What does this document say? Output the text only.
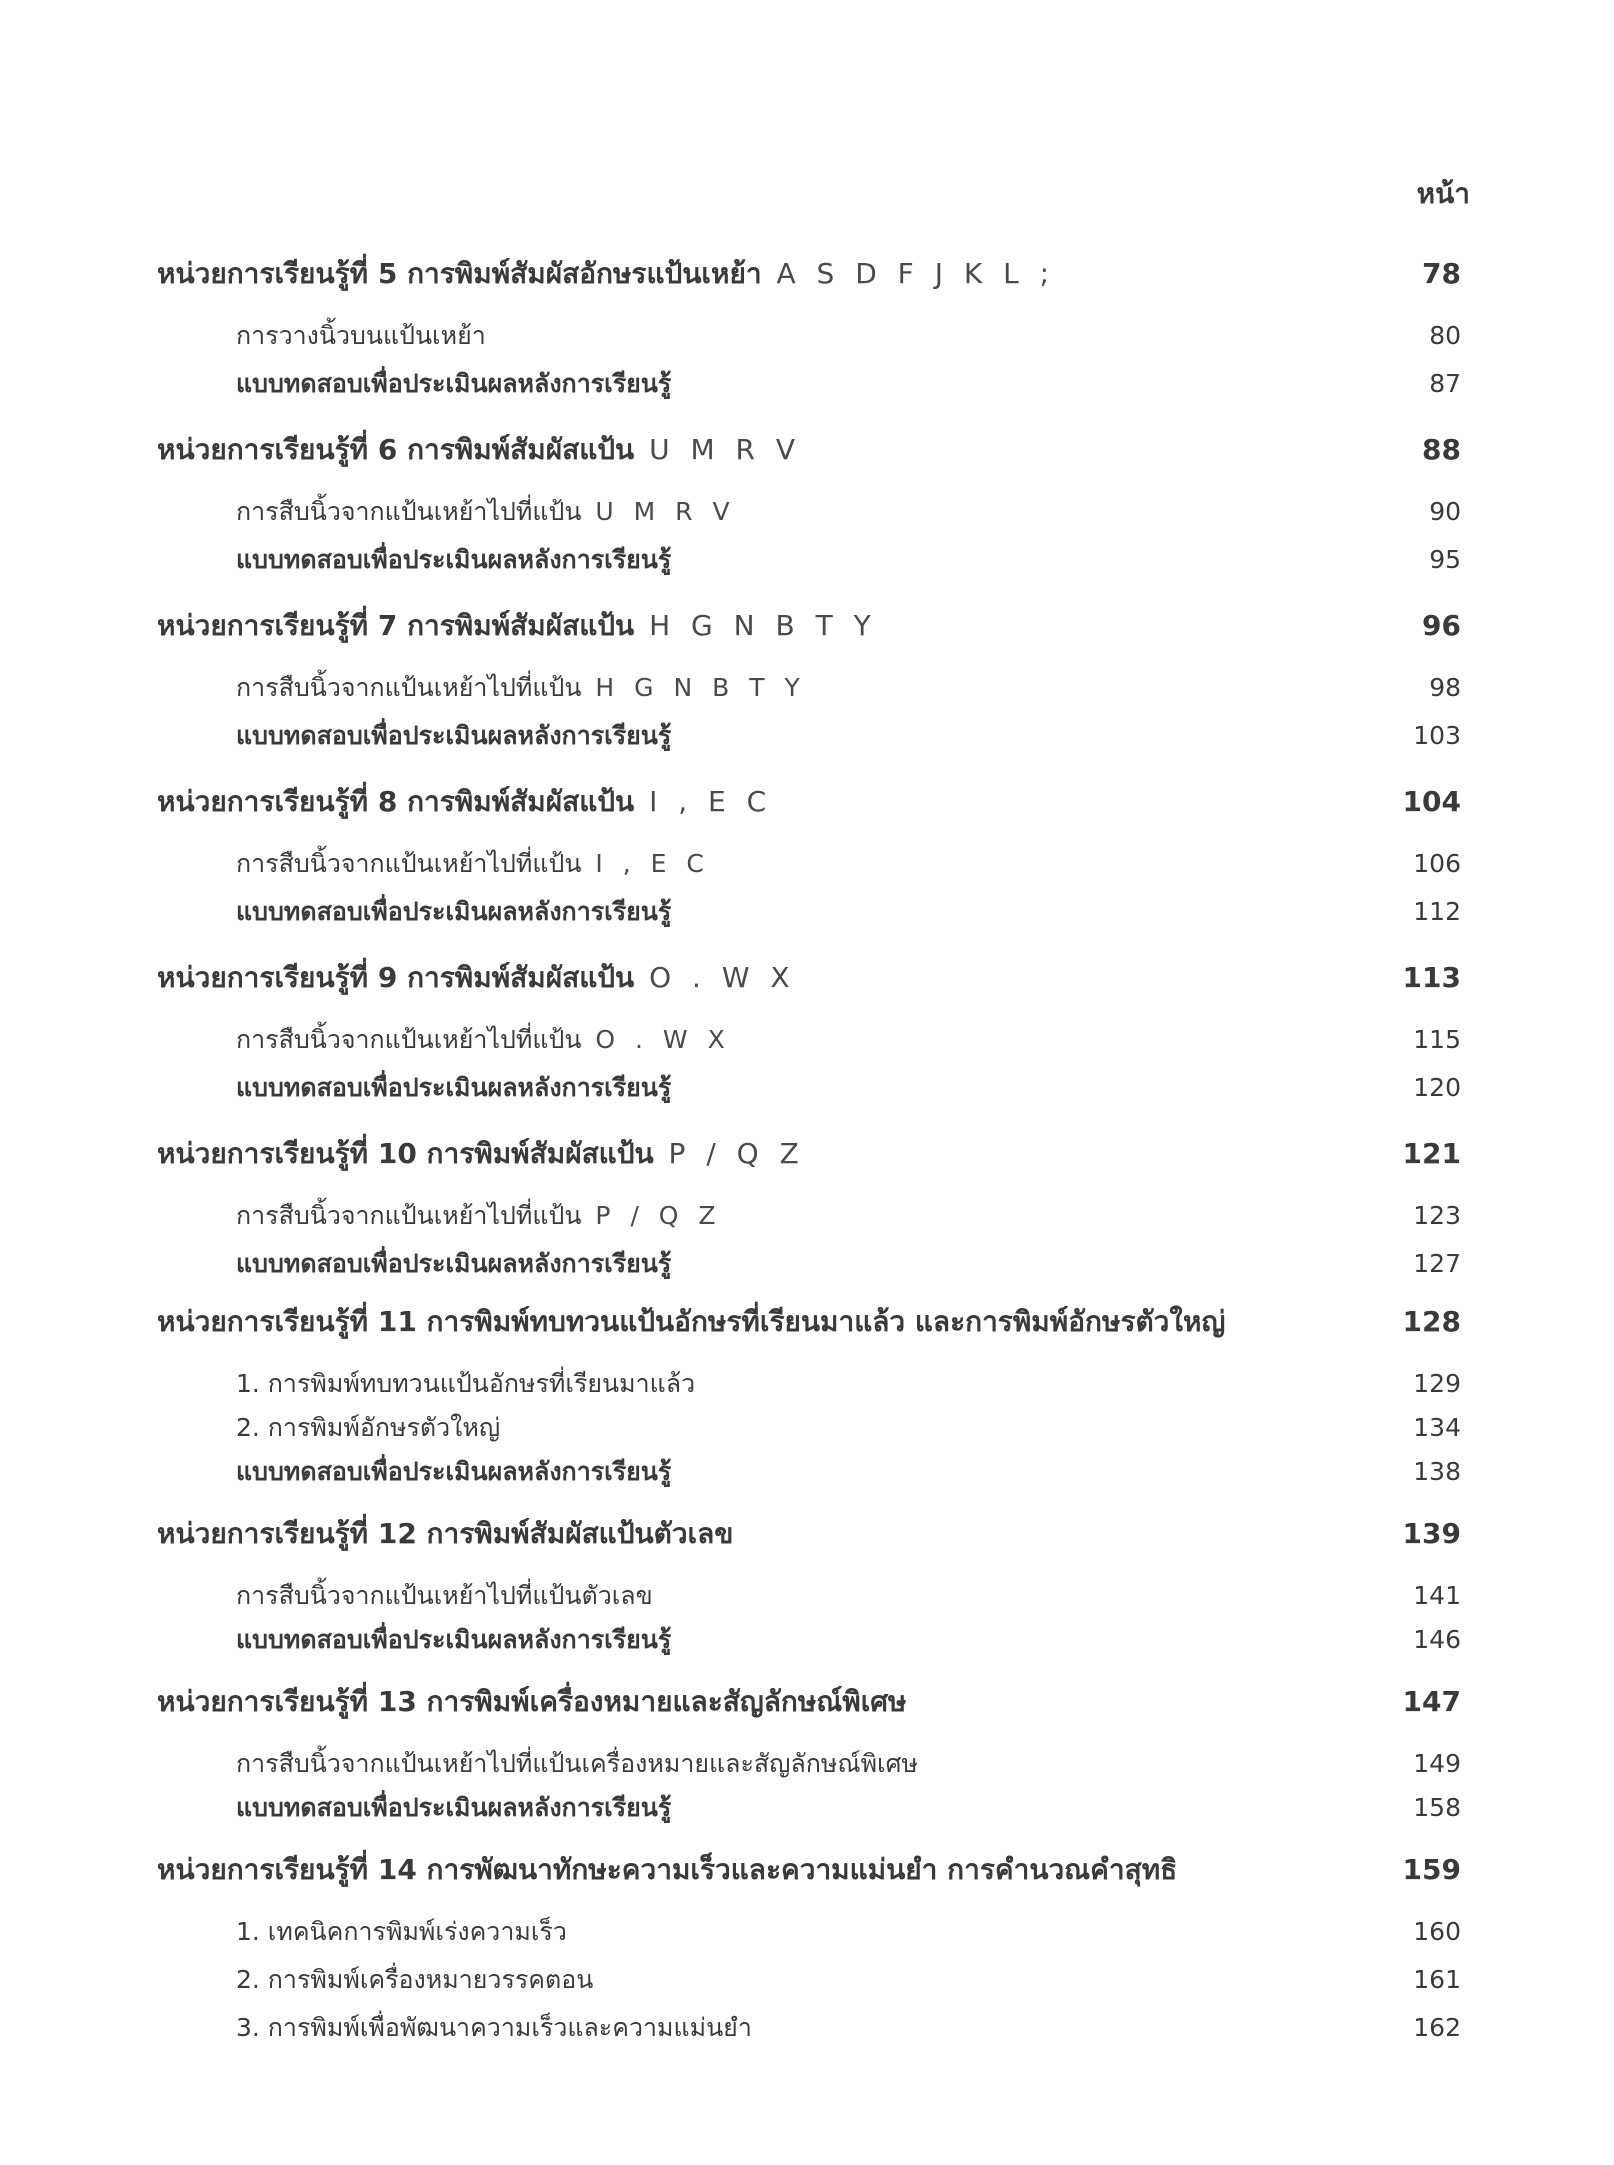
หน้า
หน่วยการเรียนรู้ที่ 5 การพิมพ์สัมผัสอักษรแป้นเหย้า A S D F J K L ;	78
การวางนิ้วบนแป้นเหย้า	80
แบบทดสอบเพื่อประเมินผลหลังการเรียนรู้	87
หน่วยการเรียนรู้ที่ 6 การพิมพ์สัมผัสแป้น U M R V	88
การสืบนิ้วจากแป้นเหย้าไปที่แป้น U M R V	90
แบบทดสอบเพื่อประเมินผลหลังการเรียนรู้	95
หน่วยการเรียนรู้ที่ 7 การพิมพ์สัมผัสแป้น H G N B T Y	96
การสืบนิ้วจากแป้นเหย้าไปที่แป้น H G N B T Y	98
แบบทดสอบเพื่อประเมินผลหลังการเรียนรู้	103
หน่วยการเรียนรู้ที่ 8 การพิมพ์สัมผัสแป้น I , E C	104
การสืบนิ้วจากแป้นเหย้าไปที่แป้น I , E C	106
แบบทดสอบเพื่อประเมินผลหลังการเรียนรู้	112
หน่วยการเรียนรู้ที่ 9 การพิมพ์สัมผัสแป้น O . W X	113
การสืบนิ้วจากแป้นเหย้าไปที่แป้น O . W X	115
แบบทดสอบเพื่อประเมินผลหลังการเรียนรู้	120
หน่วยการเรียนรู้ที่ 10 การพิมพ์สัมผัสแป้น P / Q Z	121
การสืบนิ้วจากแป้นเหย้าไปที่แป้น P / Q Z	123
แบบทดสอบเพื่อประเมินผลหลังการเรียนรู้	127
หน่วยการเรียนรู้ที่ 11 การพิมพ์ทบทวนแป้นอักษรที่เรียนมาแล้ว และการพิมพ์อักษรตัวใหญ่	128
1. การพิมพ์ทบทวนแป้นอักษรที่เรียนมาแล้ว	129
2. การพิมพ์อักษรตัวใหญ่	134
แบบทดสอบเพื่อประเมินผลหลังการเรียนรู้	138
หน่วยการเรียนรู้ที่ 12 การพิมพ์สัมผัสแป้นตัวเลข	139
การสืบนิ้วจากแป้นเหย้าไปที่แป้นตัวเลข	141
แบบทดสอบเพื่อประเมินผลหลังการเรียนรู้	146
หน่วยการเรียนรู้ที่ 13 การพิมพ์เครื่องหมายและสัญลักษณ์พิเศษ	147
การสืบนิ้วจากแป้นเหย้าไปที่แป้นเครื่องหมายและสัญลักษณ์พิเศษ	149
แบบทดสอบเพื่อประเมินผลหลังการเรียนรู้	158
หน่วยการเรียนรู้ที่ 14 การพัฒนาทักษะความเร็วและความแม่นยำ การคำนวณคำสุทธิ	159
1. เทคนิคการพิมพ์เร่งความเร็ว	160
2. การพิมพ์เครื่องหมายวรรคตอน	161
3. การพิมพ์เพื่อพัฒนาความเร็วและความแม่นยำ	162
